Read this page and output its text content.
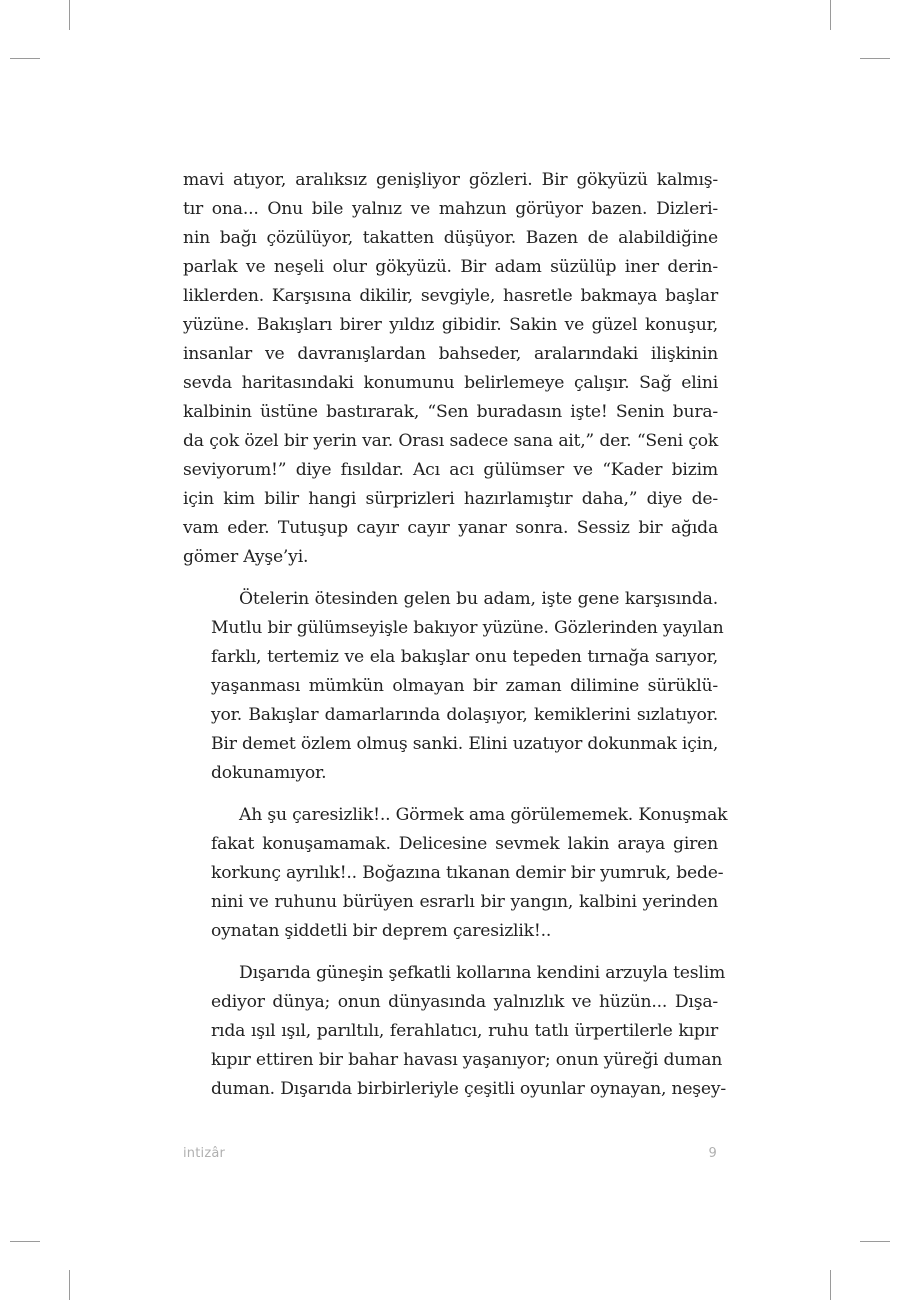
mavi atıyor, aralıksız genişliyor gözleri. Bir gökyüzü kalmış-
tır ona... Onu bile yalnız ve mahzun görüyor bazen. Dizleri-
nin bağı çözülüyor, takatten düşüyor. Bazen de alabildiğine
parlak ve neşeli olur gökyüzü. Bir adam süzülüp iner derin-
liklerden. Karşısına dikilir, sevgiyle, hasretle bakmaya başlar
yüzüne. Bakışları birer yıldız gibidir. Sakin ve güzel konuşur,
insanlar ve davranışlardan bahseder, aralarındaki ilişkinin
sevda haritasındaki konumunu belirlemeye çalışır. Sağ elini
kalbinin üstüne bastırarak, “Sen buradasın işte! Senin bura-
da çok özel bir yerin var. Orası sadece sana ait,” der. “Seni çok
seviyorum!” diye fısıldar. Acı acı gülümser ve “Kader bizim
için kim bilir hangi sürprizleri hazırlamıştır daha,” diye de-
vam eder. Tutuşup cayır cayır yanar sonra. Sessiz bir ağıda
gömer Ayşe’yi.

Ötelerin ötesinden gelen bu adam, işte gene karşısında.
Mutlu bir gülümseyişle bakıyor yüzüne. Gözlerinden yayılan
farklı, tertemiz ve ela bakışlar onu tepeden tırnağa sarıyor,
yaşanması mümkün olmayan bir zaman dilimine sürüklü-
yor. Bakışlar damarlarında dolaşıyor, kemiklerini sızlatıyor.
Bir demet özlem olmuş sanki. Elini uzatıyor dokunmak için,
dokunamıyor.

Ah şu çaresizlik!.. Görmek ama görülememek. Konuşmak
fakat konuşamamak. Delicesine sevmek lakin araya giren
korkunç ayrılık!.. Boğazına tıkanan demir bir yumruk, bede-
nini ve ruhunu bürüyen esrarlı bir yangın, kalbini yerinden
oynatan şiddetli bir deprem çaresizlik!..

Dışarıda güneşin şefkatli kollarına kendini arzuyla teslim
ediyor dünya; onun dünyasında yalnızlık ve hüzün... Dışa-
rıda ışıl ışıl, parıltılı, ferahlatıcı, ruhu tatlı ürpertilerle kıpır
kıpır ettiren bir bahar havası yaşanıyor; onun yüreği duman
duman. Dışarıda birbirleriyle çeşitli oyunlar oynayan, neşey-

intizâr	9
